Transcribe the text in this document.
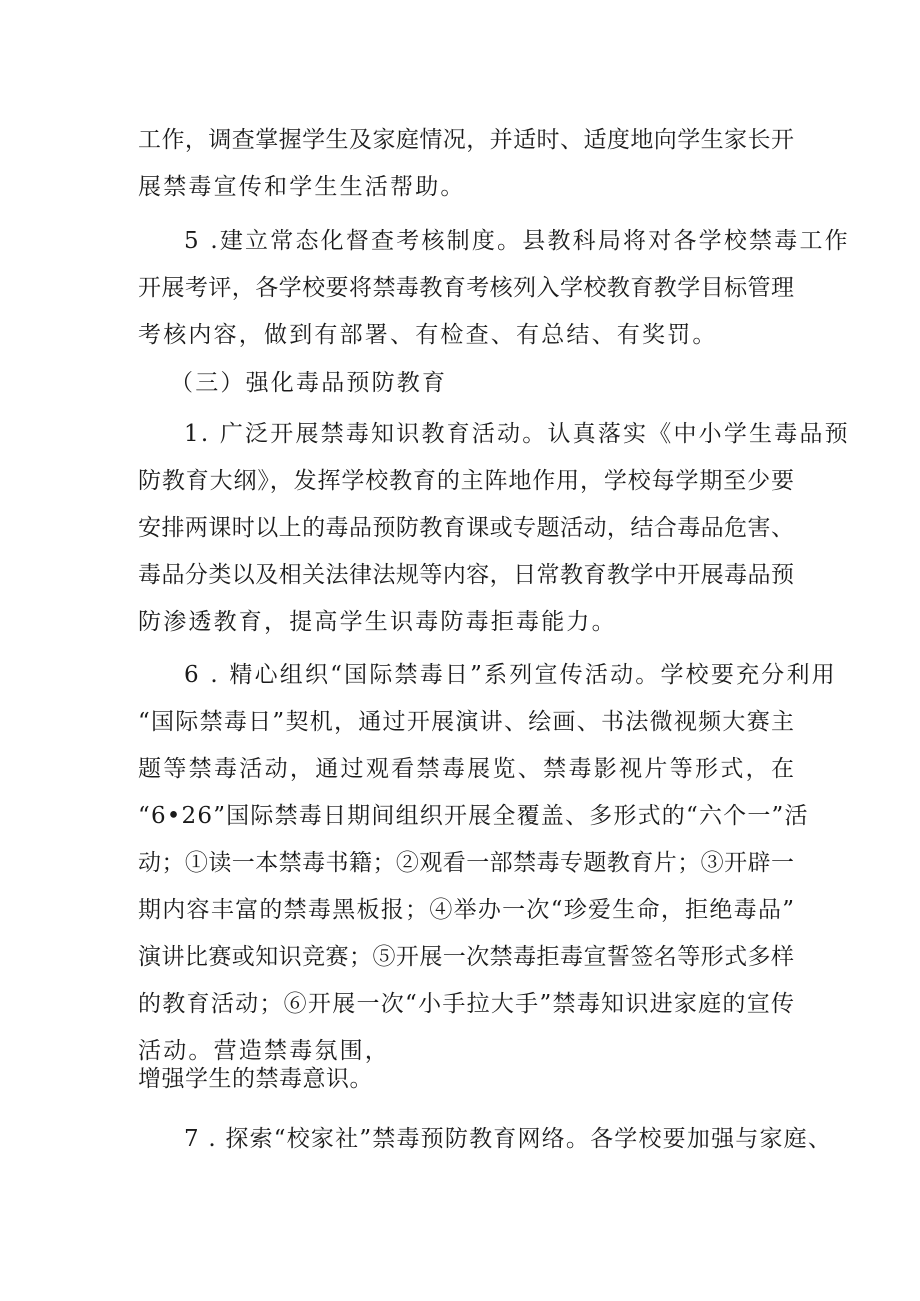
工作，调查掌握学生及家庭情况，并适时、适度地向学生家长开
展禁毒宣传和学生生活帮助。
5 .建立常态化督查考核制度。县教科局将对各学校禁毒工作
开展考评，各学校要将禁毒教育考核列入学校教育教学目标管理
考核内容，做到有部署、有检查、有总结、有奖罚。
（三）强化毒品预防教育
1. 广泛开展禁毒知识教育活动。认真落实《中小学生毒品预
防教育大纲》，发挥学校教育的主阵地作用，学校每学期至少要
安排两课时以上的毒品预防教育课或专题活动，结合毒品危害、
毒品分类以及相关法律法规等内容，日常教育教学中开展毒品预
防渗透教育，提高学生识毒防毒拒毒能力。
6 . 精心组织“国际禁毒日”系列宣传活动。学校要充分利用
“国际禁毒日”契机，通过开展演讲、绘画、书法微视频大赛主
题等禁毒活动，通过观看禁毒展览、禁毒影视片等形式，在
“6•26”国际禁毒日期间组织开展全覆盖、多形式的“六个一”活
动；①读一本禁毒书籍；②观看一部禁毒专题教育片；③开辟一
期内容丰富的禁毒黑板报；④举办一次“珍爱生命，拒绝毒品”
演讲比赛或知识竞赛；⑤开展一次禁毒拒毒宣誓签名等形式多样
的教育活动；⑥开展一次“小手拉大手”禁毒知识进家庭的宣传
活动。营造禁毒氛围，
增强学生的禁毒意识。
7 . 探索“校家社”禁毒预防教育网络。各学校要加强与家庭、
